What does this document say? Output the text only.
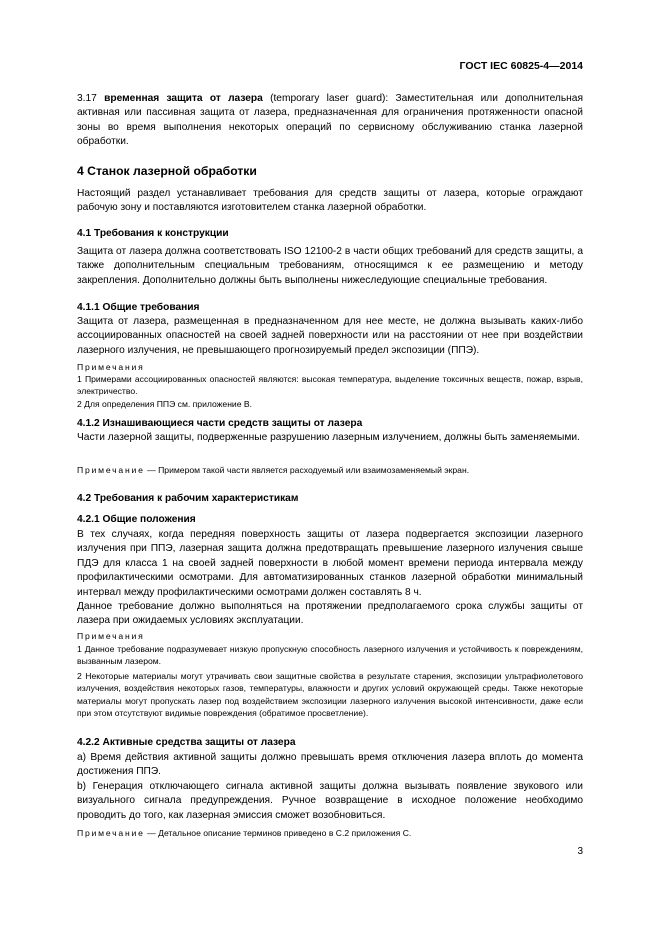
ГОСТ IEC 60825-4—2014

3.17 временная защита от лазера (temporary laser guard): Заместительная или дополнительная активная или пассивная защита от лазера, предназначенная для ограничения протяженности опасной зоны во время выполнения некоторых операций по сервисному обслуживанию станка лазерной обработки.

4 Станок лазерной обработки

Настоящий раздел устанавливает требования для средств защиты от лазера, которые ограждают рабочую зону и поставляются изготовителем станка лазерной обработки.

4.1 Требования к конструкции

Защита от лазера должна соответствовать ISO 12100-2 в части общих требований для средств защиты, а также дополнительным специальным требованиям, относящимся к ее размещению и методу закрепления. Дополнительно должны быть выполнены нижеследующие специальные требования.

4.1.1 Общие требования

Защита от лазера, размещенная в предназначенном для нее месте, не должна вызывать каких-либо ассоциированных опасностей на своей задней поверхности или на расстоянии от нее при воздействии лазерного излучения, не превышающего прогнозируемый предел экспозиции (ППЭ).

Примечания

1 Примерами ассоциированных опасностей являются: высокая температура, выделение токсичных веществ, пожар, взрыв, электричество.

2 Для определения ППЭ см. приложение В.

4.1.2 Изнашивающиеся части средств защиты от лазера

Части лазерной защиты, подверженные разрушению лазерным излучением, должны быть заменяемыми.

Примечание — Примером такой части является расходуемый или взаимозаменяемый экран.
4.2 Требования к рабочим характеристикам
4.2.1 Общие положения

В тех случаях, когда передняя поверхность защиты от лазера подвергается экспозиции лазерного излучения при ППЭ, лазерная защита должна предотвращать превышение лазерного излучения свыше ПДЭ для класса 1 на своей задней поверхности в любой момент времени периода интервала между профилактическими осмотрами. Для автоматизированных станков лазерной обработки минимальный интервал между профилактическими осмотрами должен составлять 8 ч.

Данное требование должно выполняться на протяжении предполагаемого срока службы защиты от лазера при ожидаемых условиях эксплуатации.

Примечания

1 Данное требование подразумевает низкую пропускную способность лазерного излучения и устойчивость к повреждениям, вызванным лазером.

2 Некоторые материалы могут утрачивать свои защитные свойства в результате старения, экспозиции ультрафиолетового излучения, воздействия некоторых газов, температуры, влажности и других условий окружающей среды. Также некоторые материалы могут пропускать лазер под воздействием экспозиции лазерного излучения высокой интенсивности, даже если при этом отсутствуют видимые повреждения (обратимое просветление).

4.2.2 Активные средства защиты от лазера

а) Время действия активной защиты должно превышать время отключения лазера вплоть до момента достижения ППЭ.

b) Генерация отключающего сигнала активной защиты должна вызывать появление звукового или визуального сигнала предупреждения. Ручное возвращение в исходное положение необходимо проводить до того, как лазерная эмиссия сможет возобновиться.

Примечание — Детальное описание терминов приведено в С.2 приложения С.
3
